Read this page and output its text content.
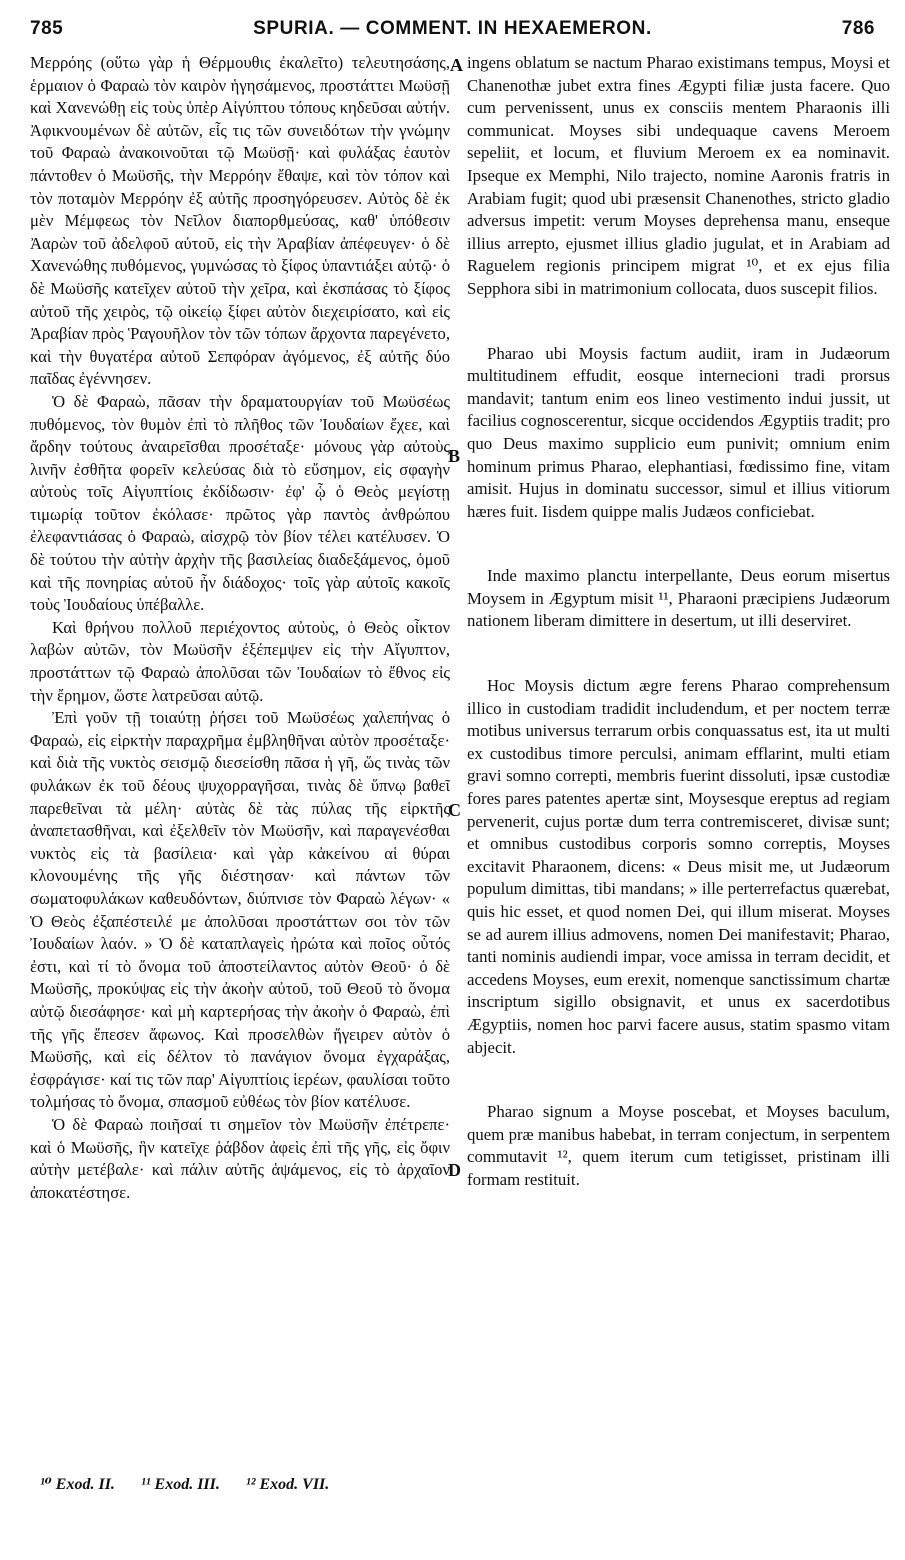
785	SPURIA. — COMMENT. IN HEXAEMERON.	786

Μερρόης (οὕτω γὰρ ἡ Θέρμουθις ἐκαλεῖτο) τελευτησάσης, ἑρμαιον ὁ Φαραὼ τὸν καιρὸν ἡγησάμενος, προστάττει Μωϋσῇ καὶ Χανενώθῃ εἰς τοὺς ὑπὲρ Αἰγύπτου τόπους κηδεῦσαι αὐτήν. Ἀφικνουμένων δὲ αὐτῶν, εἷς τις τῶν συνειδότων τὴν γνώμην τοῦ Φαραὼ ἀνακοινοῦται τῷ Μωϋσῇ· καὶ φυλάξας ἑαυτὸν πάντοθεν ὁ Μωϋσῆς, τὴν Μερρόην ἔθαψε, καὶ τὸν τόπον καὶ τὸν ποταμὸν Μερρόην ἐξ αὐτῆς προσηγόρευσεν. Αὐτὸς δὲ ἐκ μὲν Μέμφεως τὸν Νεῖλον διαπορθμεύσας, καθ' ὑπόθεσιν Ἀαρὼν τοῦ ἀδελφοῦ αὐτοῦ, εἰς τὴν Ἀραβίαν ἀπέφευγεν· ὁ δὲ Χανενώθης πυθόμενος, γυμνώσας τὸ ξίφος ὑπαντιάξει αὐτῷ· ὁ δὲ Μωϋσῆς κατεῖχεν αὐτοῦ τὴν χεῖρα, καὶ ἐκσπάσας τὸ ξίφος αὐτοῦ τῆς χειρὸς, τῷ οἰκείῳ ξίφει αὐτὸν διεχειρίσατο, καὶ εἰς Ἀραβίαν πρὸς Ῥαγουῆλον τὸν τῶν τόπων ἄρχοντα παρεγένετο, καὶ τὴν θυγατέρα αὐτοῦ Σεπφόραν ἀγόμενος, ἐξ αὐτῆς δύο παῖδας ἐγέννησεν.

Ὁ δὲ Φαραὼ, πᾶσαν τὴν δραματουργίαν τοῦ Μωϋσέως πυθόμενος, τὸν θυμὸν ἐπὶ τὸ πλῆθος τῶν Ἰουδαίων ἔχεε, καὶ ἄρδην τούτους ἀναιρεῖσθαι προσέταξε· μόνους γὰρ αὐτοὺς λινῆν ἐσθῆτα φορεῖν κελεύσας διὰ τὸ εὔσημον, εἰς σφαγὴν αὐτοὺς τοῖς Αἰγυπτίοις ἐκδίδωσιν· ἐφ' ᾧ ὁ Θεὸς μεγίστῃ τιμωρίᾳ τοῦτον ἐκόλασε· πρῶτος γὰρ παντὸς ἀνθρώπου ἐλεφαντιάσας ὁ Φαραὼ, αἰσχρῷ τὸν βίον τέλει κατέλυσεν. Ὁ δὲ τούτου τὴν αὐτὴν ἀρχὴν τῆς βασιλείας διαδεξάμενος, ὁμοῦ καὶ τῆς πονηρίας αὐτοῦ ἦν διάδοχος· τοῖς γὰρ αὐτοῖς κακοῖς τοὺς Ἰουδαίους ὑπέβαλλε.

Καὶ θρήνου πολλοῦ περιέχοντος αὐτοὺς, ὁ Θεὸς οἶκτον λαβὼν αὐτῶν, τὸν Μωϋσῆν ἐξέπεμψεν εἰς τὴν Αἴγυπτον, προστάττων τῷ Φαραὼ ἀπολῦσαι τῶν Ἰουδαίων τὸ ἔθνος εἰς τὴν ἔρημον, ὥστε λατρεῦσαι αὐτῷ.

Ἐπὶ γοῦν τῇ τοιαύτῃ ῥήσει τοῦ Μωϋσέως χαλεπήνας ὁ Φαραὼ, εἰς εἱρκτὴν παραχρῆμα ἐμβληθῆναι αὐτὸν προσέταξε· καὶ διὰ τῆς νυκτὸς σεισμῷ διεσείσθη πᾶσα ἡ γῆ, ὥς τινὰς τῶν φυλάκων ἐκ τοῦ δέους ψυχορραγῆσαι, τινὰς δὲ ὕπνῳ βαθεῖ παρεθεῖναι τὰ μέλη· αὐτὰς δὲ τὰς πύλας τῆς εἱρκτῆς ἀναπετασθῆναι, καὶ ἐξελθεῖν τὸν Μωϋσῆν, καὶ παραγενέσθαι νυκτὸς εἰς τὰ βασίλεια· καὶ γὰρ κἀκείνου αἱ θύραι κλονουμένης τῆς γῆς διέστησαν· καὶ πάντων τῶν σωματοφυλάκων καθευδόντων, διύπνισε τὸν Φαραὼ λέγων· « Ὁ Θεὸς ἐξαπέστειλέ με ἀπολῦσαι προστάττων σοι τὸν τῶν Ἰουδαίων λαόν. » Ὁ δὲ καταπλαγεὶς ἠρώτα καὶ ποῖος οὗτός ἐστι, καὶ τί τὸ ὄνομα τοῦ ἀποστείλαντος αὐτὸν Θεοῦ· ὁ δὲ Μωϋσῆς, προκύψας εἰς τὴν ἀκοὴν αὐτοῦ, τοῦ Θεοῦ τὸ ὄνομα αὐτῷ διεσάφησε· καὶ μὴ καρτερήσας τὴν ἀκοὴν ὁ Φαραὼ, ἐπὶ τῆς γῆς ἔπεσεν ἄφωνος. Καὶ προσελθὼν ἤγειρεν αὐτὸν ὁ Μωϋσῆς, καὶ εἰς δέλτον τὸ πανάγιον ὄνομα ἐγχαράξας, ἐσφράγισε· καί τις τῶν παρ' Αἰγυπτίοις ἱερέων, φαυλίσαι τοῦτο τολμήσας τὸ ὄνομα, σπασμοῦ εὐθέως τὸν βίον κατέλυσε.

Ὁ δὲ Φαραὼ ποιῆσαί τι σημεῖον τὸν Μωϋσῆν ἐπέτρεπε· καὶ ὁ Μωϋσῆς, ἣν κατεῖχε ῥάβδον ἀφεὶς ἐπὶ τῆς γῆς, εἰς ὄφιν αὐτὴν μετέβαλε· καὶ πάλιν αὐτῆς ἁψάμενος, εἰς τὸ ἀρχαῖον ἀποκατέστησε.

ingens oblatum se nactum Pharao existimans tempus, Moysi et Chanenothæ jubet extra fines Ægypti filiæ justa facere. Quo cum pervenissent, unus ex consciis mentem Pharaonis illi communicat. Moyses sibi undequaque cavens Meroem sepeliit, et locum, et fluvium Meroem ex ea nominavit. Ipseque ex Memphi, Nilo trajecto, nomine Aaronis fratris in Arabiam fugit; quod ubi præsensit Chanenothes, stricto gladio adversus impetit: verum Moyses deprehensa manu, enseque illius arrepto, ejusmet illius gladio jugulat, et in Arabiam ad Raguelem regionis principem migrat ¹⁰, et ex ejus filia Sepphora sibi in matrimonium collocata, duos suscepit filios.

Pharao ubi Moysis factum audiit, iram in Judæorum multitudinem effudit, eosque internecioni tradi prorsus mandavit; tantum enim eos lineo vestimento indui jussit, ut facilius cognoscerentur, sicque occidendos Ægyptiis tradit; pro quo Deus maximo supplicio eum punivit; omnium enim hominum primus Pharao, elephantiasi, fœdissimo fine, vitam amisit. Hujus in dominatu successor, simul et illius vitiorum hæres fuit. Iisdem quippe malis Judæos conficiebat.

Inde maximo planctu interpellante, Deus eorum misertus Moysem in Ægyptum misit ¹¹, Pharaoni præcipiens Judæorum nationem liberam dimittere in desertum, ut illi deserviret.

Hoc Moysis dictum ægre ferens Pharao comprehensum illico in custodiam tradidit includendum, et per noctem terræ motibus universus terrarum orbis conquassatus est, ita ut multi ex custodibus timore perculsi, animam efflarint, multi etiam gravi somno correpti, membris fuerint dissoluti, ipsæ custodiæ fores pares patentes apertæ sint, Moysesque ereptus ad regiam pervenerit, cujus portæ dum terra contremisceret, divisæ sunt; et omnibus custodibus corporis somno correptis, Moyses excitavit Pharaonem, dicens: « Deus misit me, ut Judæorum populum dimittas, tibi mandans; » ille perterrefactus quærebat, quis hic esset, et quod nomen Dei, qui illum miserat. Moyses se ad aurem illius admovens, nomen Dei manifestavit; Pharao, tanti nominis audiendi impar, voce amissa in terram decidit, et accedens Moyses, eum erexit, nomenque sanctissimum chartæ inscriptum sigillo obsignavit, et unus ex sacerdotibus Ægyptiis, nomen hoc parvi facere ausus, statim spasmo vitam abjecit.

Pharao signum a Moyse poscebat, et Moyses baculum, quem præ manibus habebat, in terram conjectum, in serpentem commutavit ¹², quem iterum cum tetigisset, pristinam illi formam restituit.

A
B
C
D
¹⁰ Exod. II. ¹¹ Exod. III. ¹² Exod. VII.
